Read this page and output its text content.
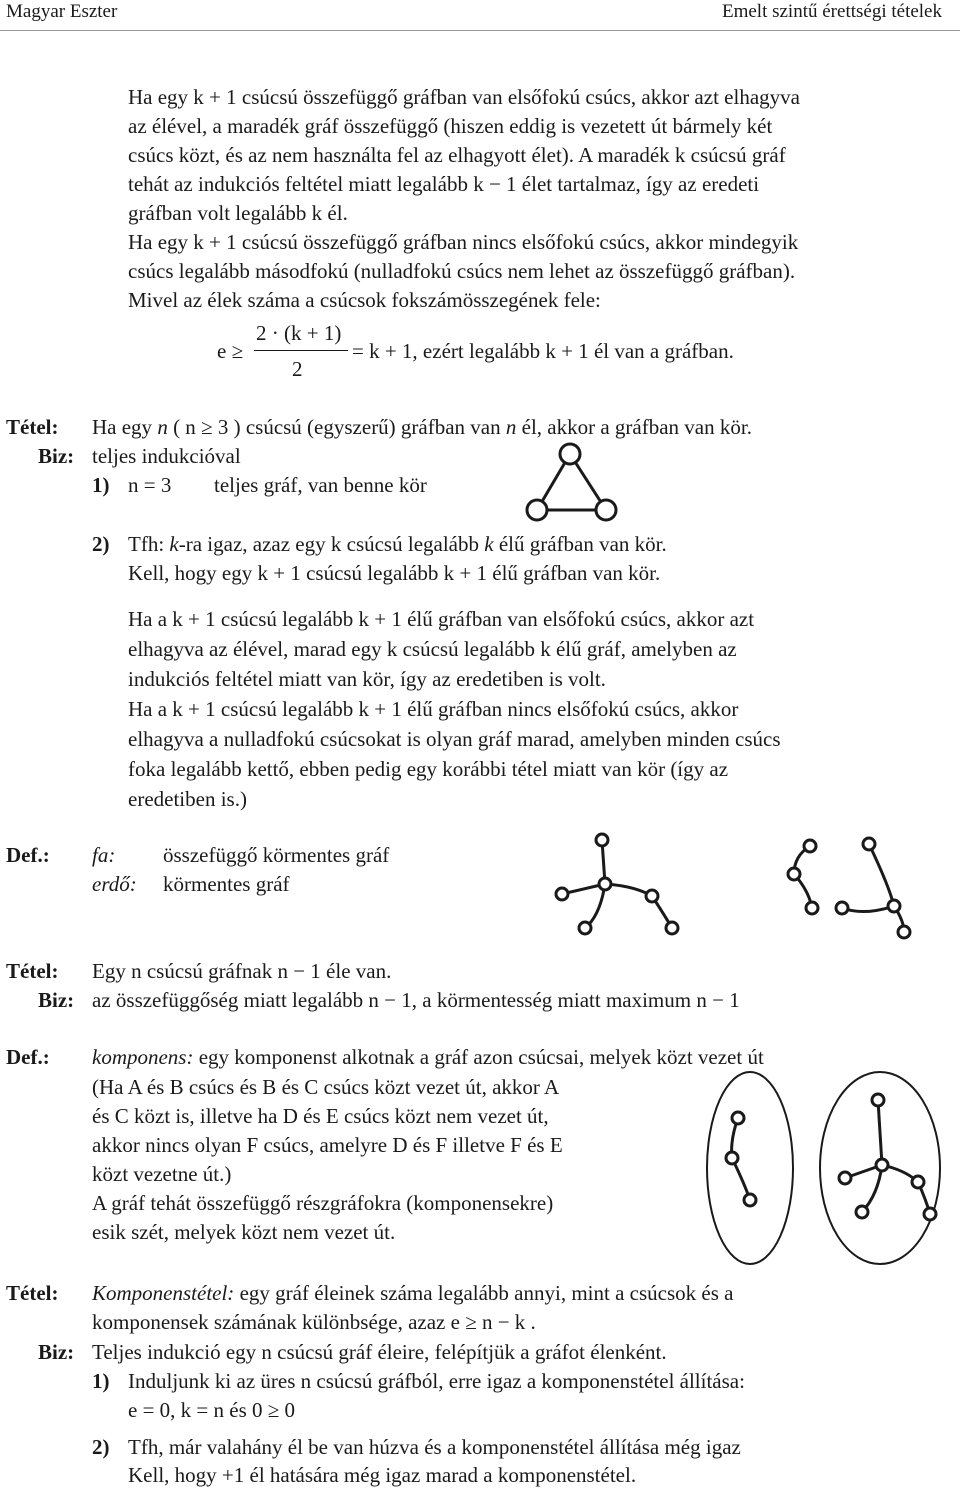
Magyar Eszter	Emelt szintű érettségi tételek
Ha egy k + 1 csúcsú összefüggő gráfban van elsőfokú csúcs, akkor azt elhagyva
az élével, a maradék gráf összefüggő (hiszen eddig is vezetett út bármely két
csúcs közt, és az nem használta fel az elhagyott élet). A maradék k csúcsú gráf
tehát az indukciós feltétel miatt legalább k − 1 élet tartalmaz, így az eredeti
gráfban volt legalább k él.
Ha egy k + 1 csúcsú összefüggő gráfban nincs elsőfokú csúcs, akkor mindegyik
csúcs legalább másodfokú (nulladfokú csúcs nem lehet az összefüggő gráfban).
Mivel az élek száma a csúcsok fokszámösszegének fele:
e ≥
2 · (k + 1)
2
= k + 1, ezért legalább k + 1 él van a gráfban.
Tétel: Ha egy n ( n ≥ 3 ) csúcsú (egyszerű) gráfban van n él, akkor a gráfban van kör.
Biz: teljes indukcióval
1) n = 3 teljes gráf, van benne kör
2) Tfh: k-ra igaz, azaz egy k csúcsú legalább k élű gráfban van kör.
Kell, hogy egy k + 1 csúcsú legalább k + 1 élű gráfban van kör.
Ha a k + 1 csúcsú legalább k + 1 élű gráfban van elsőfokú csúcs, akkor azt
elhagyva az élével, marad egy k csúcsú legalább k élű gráf, amelyben az
indukciós feltétel miatt van kör, így az eredetiben is volt.
Ha a k + 1 csúcsú legalább k + 1 élű gráfban nincs elsőfokú csúcs, akkor
elhagyva a nulladfokú csúcsokat is olyan gráf marad, amelyben minden csúcs
foka legalább kettő, ebben pedig egy korábbi tétel miatt van kör (így az
eredetiben is.)
Def.: fa: összefüggő körmentes gráf
erdő: körmentes gráf
Tétel: Egy n csúcsú gráfnak n − 1 éle van.
Biz: az összefüggőség miatt legalább n − 1, a körmentesség miatt maximum n − 1
Def.: komponens: egy komponenst alkotnak a gráf azon csúcsai, melyek közt vezet út
(Ha A és B csúcs és B és C csúcs közt vezet út, akkor A
és C közt is, illetve ha D és E csúcs közt nem vezet út,
akkor nincs olyan F csúcs, amelyre D és F illetve F és E
közt vezetne út.)
A gráf tehát összefüggő részgráfokra (komponensekre)
esik szét, melyek közt nem vezet út.
Tétel: Komponenstétel: egy gráf éleinek száma legalább annyi, mint a csúcsok és a
komponensek számának különbsége, azaz e ≥ n − k .
Biz: Teljes indukció egy n csúcsú gráf éleire, felépítjük a gráfot élenként.
1) Induljunk ki az üres n csúcsú gráfból, erre igaz a komponenstétel állítása:
e = 0, k = n és 0 ≥ 0
2) Tfh, már valahány él be van húzva és a komponenstétel állítása még igaz
Kell, hogy +1 él hatására még igaz marad a komponenstétel.
